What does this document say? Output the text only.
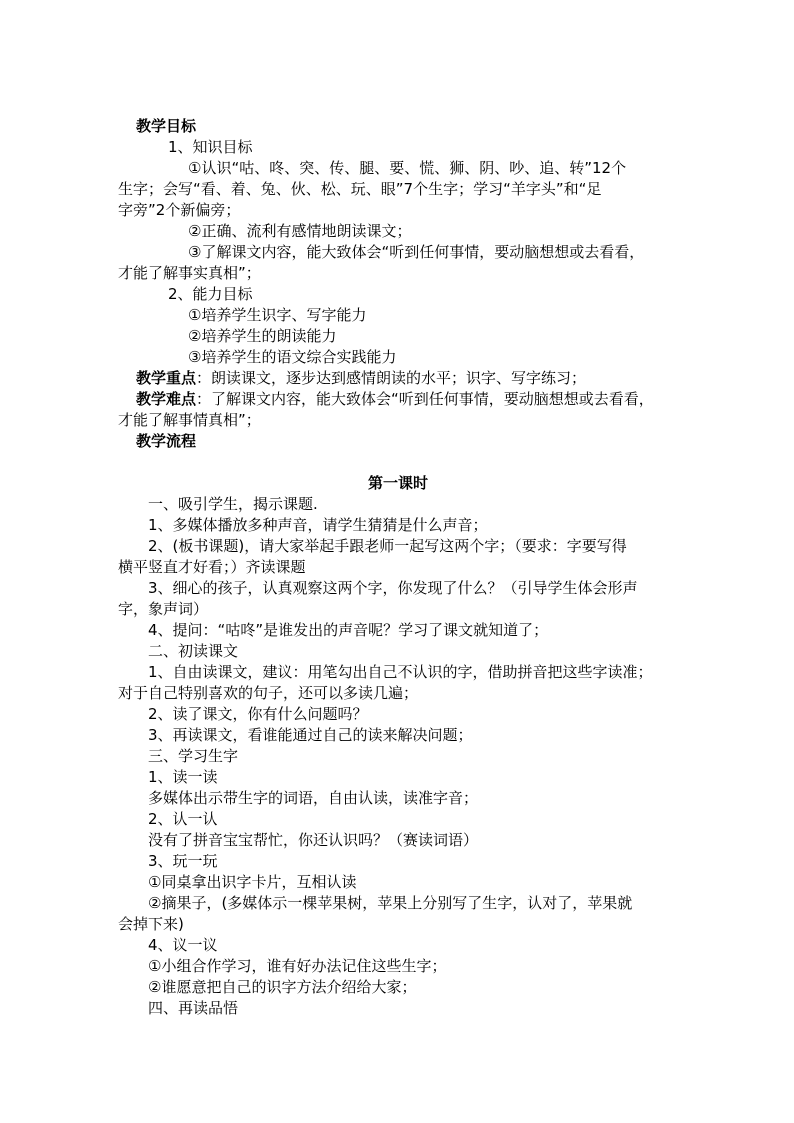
教学目标
1、知识目标
①认识“咕、咚、突、传、腿、要、慌、狮、阴、吵、追、转”12个
生字；会写“看、着、兔、伙、松、玩、眼”7个生字；学习“羊字头”和“足
字旁”2个新偏旁；
②正确、流利有感情地朗读课文；
③了解课文内容，能大致体会“听到任何事情，要动脑想想或去看看，
才能了解事实真相”；
2、能力目标
①培养学生识字、写字能力
②培养学生的朗读能力
③培养学生的语文综合实践能力
教学重点：朗读课文，逐步达到感情朗读的水平；识字、写字练习；
教学难点：了解课文内容，能大致体会“听到任何事情，要动脑想想或去看看，
才能了解事情真相”；
教学流程
第一课时
一、吸引学生，揭示课题.
1、多媒体播放多种声音，请学生猜猜是什么声音；
2、(板书课题)，请大家举起手跟老师一起写这两个字；（要求：字要写得
横平竖直才好看；）齐读课题
3、细心的孩子，认真观察这两个字，你发现了什么？（引导学生体会形声
字，象声词）
4、提问：“咕咚”是谁发出的声音呢？学习了课文就知道了；
二、初读课文
1、自由读课文，建议：用笔勾出自己不认识的字，借助拼音把这些字读准；
对于自己特别喜欢的句子，还可以多读几遍；
2、读了课文，你有什么问题吗？
3、再读课文，看谁能通过自己的读来解决问题；
三、学习生字
1、读一读
多媒体出示带生字的词语，自由认读，读准字音；
2、认一认
没有了拼音宝宝帮忙，你还认识吗？（赛读词语）
3、玩一玩
①同桌拿出识字卡片，互相认读
②摘果子，(多媒体示一棵苹果树，苹果上分别写了生字，认对了，苹果就
会掉下来)
4、议一议
①小组合作学习，谁有好办法记住这些生字；
②谁愿意把自己的识字方法介绍给大家；
四、再读品悟
